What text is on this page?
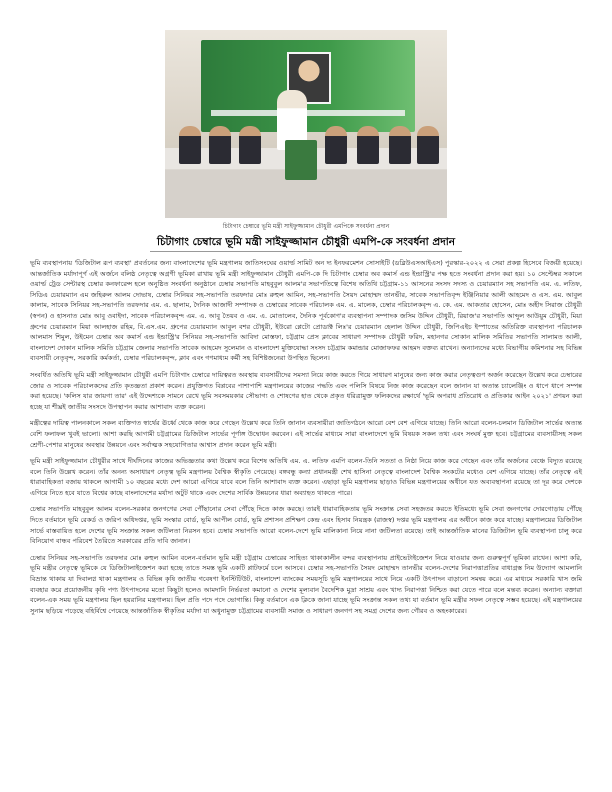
চিটাগাং চেম্বারে ভূমি মন্ত্রী সাইফুজ্জামান চৌধুরী এমপিকে সংবর্ধনা প্রদান
চিটাগাং চেম্বারে ভূমি মন্ত্রী সাইফুজ্জামান চৌধুরী এমপি-কে সংবর্ধনা প্রদান

ভূমি ব্যবস্থাপনায় 'ডিজিটাল রূপ ব্যবস্থা' প্রবর্তনের জন্য বাংলাদেশের ভূমি মন্ত্রণালয় জাতিসংঘের ওয়ার্ল্ড সামিট অন দ্য ইনফরমেশন সোসাইটি (ডব্লিউএসআইএস) পুরস্কার-২০২২ এ সেরা প্রকল্প হিসেবে বিজয়ী হয়েছে। আন্তর্জাতিক মর্যাদাপূর্ণ এই অর্জনে বলিষ্ঠ নেতৃত্বে অগ্রণী ভূমিকা রাখায় ভূমি মন্ত্রী সাইফুজ্জামান চৌধুরী এমপি-কে দি চিটাগাং চেম্বার অব কমার্স এন্ড ইন্ডাস্ট্রি'র পক্ষ হতে সংবর্ধনা প্রদান করা হয়। ১০ সেপ্টেম্বর সকালে ওয়ার্ল্ড ট্রেড সেন্টারস্থ চেম্বার কনফারেন্স হলে অনুষ্ঠিত সংবর্ধনা অনুষ্ঠানে চেম্বার সভাপতি মাহবুবুল আলম'র সভাপতিত্বে বিশেষ অতিথি চট্টগ্রাম-১১ আসনের সংসদ সদস্য ও চেয়ারম্যান সহ সভাপতি এম. এ. লতিফ, সিডিএ চেয়ারম্যান এম জহিরুল আলম দোভাষ, চেম্বার সিনিয়র সহ-সভাপতি তরফদার মোঃ রুহুল আমিন, সহ-সভাপতি সৈয়দ মোহাম্মদ তানভীর, সাবেক সভাপতিবৃন্দ ইঞ্জিনিয়ার আলী আহমেদ ও এস. এম. আবুল কালাম, সাবেক সিনিয়র সহ-সভাপতি তরফদার এম. এ. ছালাম, দৈনিক আজাদী সম্পাদক ও চেম্বারের সাবেক পরিচালক এম. এ. মালেক, চেম্বার পরিচালকবৃন্দ এ. কে. এম. আকতার হোসেন, মোঃ অহীদ সিরাজ চৌধুরী (স্বপন) ও হাসনাত মোঃ আবু ওবাইদা, সাবেক পরিচালকবৃন্দ এম. এ. আবু তৈয়ব ও এম. এ. মোতালেব, দৈনিক পূর্বকোণ'র ব্যবস্থাপনা সম্পাদক জসিম উদ্দিন চৌধুরী, রিয়াজ'র সভাপতি আব্দুল আউয়ুম চৌধুরী, মিয়া গ্রুপের চেয়ারম্যান মিয়া আলহাজ রহিম, বি.এস.এম. গ্রুপের চেয়ারম্যান আবুল বশর চৌধুরী, ইউরো প্লেটো প্রোডাক্ট লিঃ'র চেয়ারম্যান হেলাল উদ্দিন চৌধুরী, জিপিএইচ ইস্পাতের অতিরিক্ত ব্যবস্থাপনা পরিচালক আলমাস শিমুল, উইমেন চেম্বার অব কমার্স এন্ড ইন্ডাস্ট্রি'র সিনিয়র সহ-সভাপতি আবিদা মোস্তফা, চট্টগ্রাম প্রেস ক্লাবের সাধারণ সম্পাদক চৌধুরী ফরিদ, মহানগর সোকান মালিক সমিতির সভাপতি সালামত আলী, বাংলাদেশ দোকান মালিক সমিতি চট্টগ্রাম জেলার সভাপতি সাবেক আহমেদ সুলেমান ও বাংলাদেশ মুক্তিযোদ্ধা সংসদ চট্টগ্রাম কমান্ডার মোজাফফর আহমদ বক্তব্য রাখেন। অন্যান্যদের মধ্যে বিভাগীয় কমিশনার সহ বিভিন্ন ব্যবসায়ী নেতৃবৃন্দ, সরকারি কর্মকর্তা, চেম্বার পরিচালকবৃন্দ, ক্লাব এবং গণমাধ্যম কর্মী সহ বিশিষ্টজনেরা উপস্থিত ছিলেন।

সংবর্ধিত অতিথি ভূমি মন্ত্রী সাইফুজ্জামান চৌধুরী এমপি চিটাগাং চেম্বারে দায়িত্বরত অবস্থায় ব্যবসায়ীদের সমস্যা নিয়ে কাজ করতে গিয়ে সাধারণ মানুষের জন্য কাজ করার নেতৃত্বগুণ অর্জন করেছেন উল্লেখ করে চেম্বারের জোর ও সাবেক পরিচালকদের প্রতি কৃতজ্ঞতা প্রকাশ করেন। প্রযুক্তিগত বিপ্লবের পাশাপাশি মন্ত্রণালয়ের কাজের পদ্ধতি এবং পলিসি বিষয়ে নিজ কাজ করেছেন বলে জানান যা অতান্ত চ্যালেঞ্জিং ও ধাপে ধাপে সম্পন্ন করা হয়েছে। 'কলিস যার জায়গা তার' এই উদ্দেশ্যকে সামনে রেখে ভূমি সবসময়কার সৌভাগ্য ও শোষণের হাত থেকে প্রকৃত ধরিত্রামুক্ত ফলিকদের রক্ষার্থে 'ভূমি অপরাধ প্রতিরোধ ও প্রতিকার আইন ২০২১' প্রণয়ন করা হচ্ছে যা শীঘ্রই জাতীয় সংসদে উপস্থাপন করার আশাবাদ ব্যক্ত করেন।

মন্ত্রীত্বের দায়িত্ব পালনকালে সকল ব্যক্তিগত স্বার্থের ঊর্ধ্বে থেকে কাজ করে গেছেন উল্লেখ করে তিনি জানান ব্যবসায়ীরা জাতিগঠনে আরো বেশ বেশ এগিয়ে যাচ্ছে। তিনি আরো বলেন-চলমান ডিজিটাল সার্ভের অত্যন্ত বেশি ফলাফল খুবই ভালো। আশা করছি আগামী চট্টগ্রামের ডিজিটাল সার্ভের পূর্ণাঙ্গ উদ্বোধন করবেন। এই সার্ভের মাধ্যমে সারা বাংলাদেশে ভূমি বিষয়ক সকল তথ্য এবং সংঘর্ষ মুক্ত হবে। চট্টগ্রামের ব্যবসায়ীসহ সকল শ্রেণী-পেশার মানুষের অবস্থার উন্নয়নে এবং সর্বাত্মক সহযোগিতার আশ্বাস প্রদান করেন ভূমি মন্ত্রী।

ভূমি মন্ত্রী সাইফুজ্জামান চৌধুরীর সাথে দীর্ঘদিনের কাজের অভিজ্ঞতার কথা উল্লেখ করে বিশেষ অতিথি এম. এ. লতিফ এমপি বলেন-তিনি সততা ও নিষ্ঠা নিয়ে কাজ করে গেছেন এবং তাঁর অর্জনের বেঞ্চে বিদ্যুত রয়েছে বলে তিনি উল্লেখ করেন। তাঁর অনন্য অসাধারণ নেতৃত্ব ভূমি মন্ত্রণালয় বৈশ্বিক স্বীকৃতি পেয়েছে। বঙ্গবন্ধু কন্যা প্রধানমন্ত্রী শেখ হাসিনা নেতৃত্বে বাংলাদেশ বৈশ্বিক সংকটের মধ্যেও বেশ এগিয়ে যাচ্ছে। তাঁর নেতৃত্বে এই ধারাবাহিকতা বজায় থাকলে আগামী ১০ বছরের মধ্যে দেশ আরো এগিয়ে যাবে বলে তিনি আশাবাদ ব্যক্ত করেন। এছাড়া ভূমি মন্ত্রণালয় ছাড়াও বিভিন্ন মন্ত্রণালয়ের অধীনে যত অব্যবস্থাপনা রয়েছে তা দূর করে দেশকে এগিয়ে নিতে হবে যাতে বিশ্বের কাছে বাংলাদেশের মর্যাদা অটুট থাকে এবং দেশের সার্বিক উন্নয়নের ধারা অব্যাহত থাকতে পারে।

চেম্বার সভাপতি মাহবুবুল আলম বলেন-সরকার জনগণের সেবা পৌঁছানোর সেবা পৌঁছে দিতে কাজ করছে। তারই ধারাবাহিকতায় ভূমি সংক্রান্ত সেবা সহজতর করতে ইতিমধ্যে ভূমি সেবা জনগণের দোরগোড়ায় পৌঁছে দিতে বর্তমানে ভূমি রেকর্ড ও জরিপ অধিদপ্তর, ভূমি সংস্কার বোর্ড, ভূমি আপীল বোর্ড, ভূমি প্রশাসন প্রশিক্ষণ কেন্দ্র এবং হিসাব নিয়ন্ত্রক (রাজস্ব) দপ্তর ভূমি মন্ত্রণালয় এর অধীনে কাজ করে যাচ্ছে। মন্ত্রণালয়ের ডিজিটাল সার্ভে বাস্তবায়িত হলে দেশের ভূমি সংক্রান্ত সকল জটিলতা নিরসন হবে। চেম্বার সভাপতি আরো বলেন-দেশে ভূমি মালিকানা নিয়ে নানা জটিলতা রয়েছে। তাই আন্তর্জাতিক মানের ডিজিটাল ভূমি ব্যবস্থাপনা চালু করে বিনিয়োগ বান্ধব পরিবেশ তৈরিতে সরকারের প্রতি দাবি জানান।

চেম্বার সিনিয়র সহ-সভাপতি তরফদার মোঃ রুহুল আমিন বলেন-বর্তমান ভূমি মন্ত্রী চট্টগ্রাম চেম্বারের সাহিত্য থাকাকালীন বন্দর ব্যবস্থাপনায় প্রাইভেটাইজেশন নিয়ে যাওয়ার জন্য গুরুত্বপূর্ণ ভূমিকা রাখেন। আশা করি, ভূমি মন্ত্রীর নেতৃত্বে ভূমিকে যে ডিজিটালাইজেশন করা হচ্ছে তাতে সমস্ত ভূমি একটি প্লাটফর্মে চলে আসবে। চেম্বার সহ-সভাপতি সৈয়দ মোহাম্মদ তানভীর বলেন-দেশের নিরাপত্তাপ্রতির বাধাগ্রস্ত নিম উদ্যোগ আমলানি বিভ্রান্ত থাকায় যা দিবালগ্ন থাকা মন্ত্রণালয় ও বিভিন্ন কৃষি জাতীয় গবেষণা ইনস্টিটিউট, বাংলাদেশ ব্যাংকের সময়সূচি ভূমি মন্ত্রণালয়ের সাথে নিয়ে একটি উৎপাদন বাড়ানো সমন্বয় করে। এর মাধ্যমে সরকারি খাস জমি ব্যবহার করে প্রয়োজনীয় কৃষি পণ্য উৎপাদনের মতো কিছুটা হলেও আমদানি নির্ভরতা কমানো ও দেশের মূল্যবান বৈদেশিক মুদ্রা সাশ্রয় এবং খাদ্য নিরাপত্তা নিশ্চিত করা যেতে পারে বলে মন্তব্য করেন। অন্যান্য বক্তারা বলেন-এক সময় ভূমি মন্ত্রণালয় ছিল হয়রানির মন্ত্রণালয়। ছিল প্রতি পদে পদে ভোগান্তি। কিন্তু বর্তমানে এক ক্লিকে জানা যাচ্ছে ভূমি সংক্রান্ত সকল তথ্য যা বর্তমান ভূমি মন্ত্রীর সফল নেতৃত্বে সম্ভব হয়েছে। এই মন্ত্রণালয়ের সুনাম ছড়িয়ে পড়েছে বহির্বিশ্বে পেয়েছে আন্তর্জাতিক স্বীকৃতির মর্যাদা যা অধুনামুক্ত চট্টগ্রামের ব্যবসায়ী সমাজ ও সাধারণ জনগণ সহ সমগ্র দেশের জন্য গৌরব ও অহংকারের।
